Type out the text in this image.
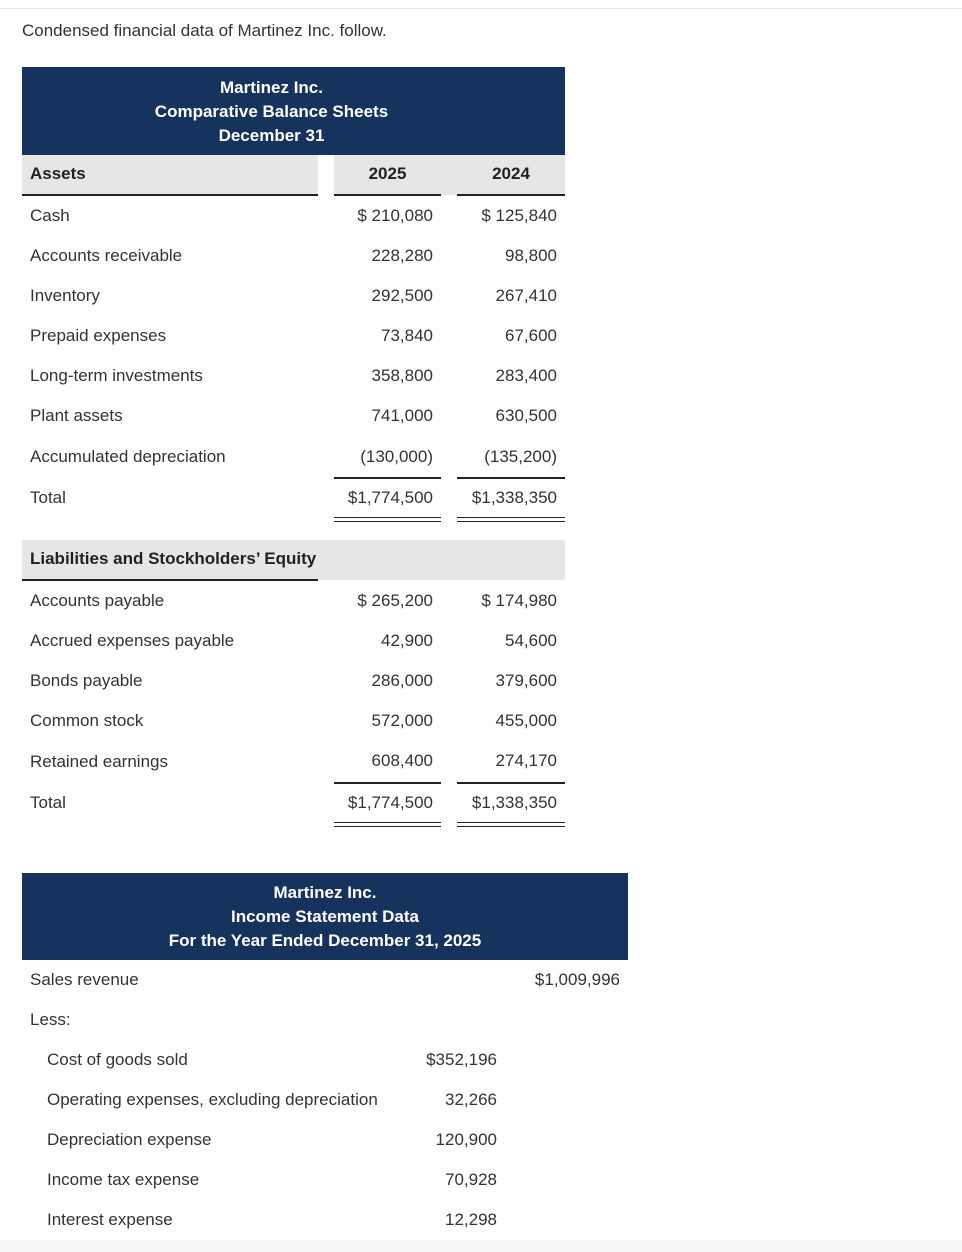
Condensed financial data of Martinez Inc. follow.
Martinez Inc.
Comparative Balance Sheets
December 31
Assets	2025	2024
Cash	$ 210,080	$ 125,840
Accounts receivable	228,280	98,800
Inventory	292,500	267,410
Prepaid expenses	73,840	67,600
Long-term investments	358,800	283,400
Plant assets	741,000	630,500
Accumulated depreciation	(130,000)	(135,200)
Total	$1,774,500 $1,338,350
Liabilities and Stockholders’ Equity
Accounts payable	$ 265,200	$ 174,980
Accrued expenses payable	42,900	54,600
Bonds payable	286,000	379,600
Common stock	572,000	455,000
Retained earnings	608,400	274,170
Total	$1,774,500 $1,338,350
Martinez Inc.
Income Statement Data
For the Year Ended December 31, 2025
Sales revenue	$1,009,996
Less:
Cost of goods sold	$352,196
Operating expenses, excluding depreciation	32,266
Depreciation expense	120,900
Income tax expense	70,928
Interest expense	12,298
